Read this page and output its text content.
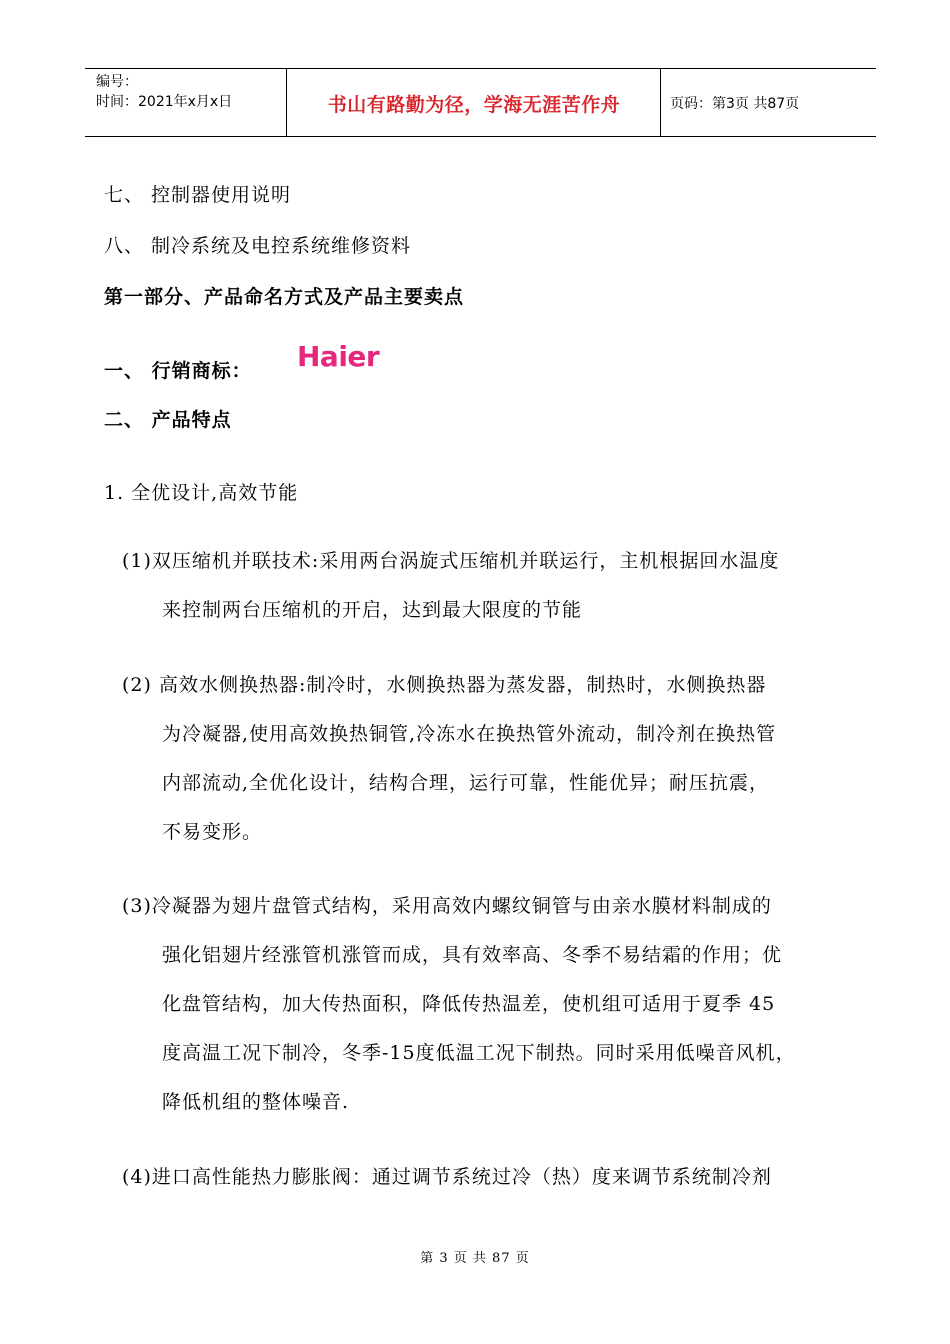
编号：
时间：2021年x月x日	书山有路勤为径，学海无涯苦作舟	页码：第3页 共87页
七、 控制器使用说明
八、 制冷系统及电控系统维修资料
第一部分、产品命名方式及产品主要卖点
一、 行销商标： Haier
二、 产品特点
1. 全优设计,高效节能
(1)双压缩机并联技术:采用两台涡旋式压缩机并联运行，主机根据回水温度
来控制两台压缩机的开启，达到最大限度的节能
(2) 高效水侧换热器:制冷时，水侧换热器为蒸发器，制热时，水侧换热器
为冷凝器,使用高效换热铜管,冷冻水在换热管外流动，制冷剂在换热管
内部流动,全优化设计，结构合理，运行可靠，性能优异；耐压抗震，
不易变形。
(3)冷凝器为翅片盘管式结构，采用高效内螺纹铜管与由亲水膜材料制成的
强化铝翅片经涨管机涨管而成，具有效率高、冬季不易结霜的作用；优
化盘管结构，加大传热面积，降低传热温差，使机组可适用于夏季 45
度高温工况下制冷，冬季-15度低温工况下制热。同时采用低噪音风机，
降低机组的整体噪音.
(4)进口高性能热力膨胀阀：通过调节系统过冷（热）度来调节系统制冷剂
第 3 页 共 87 页
